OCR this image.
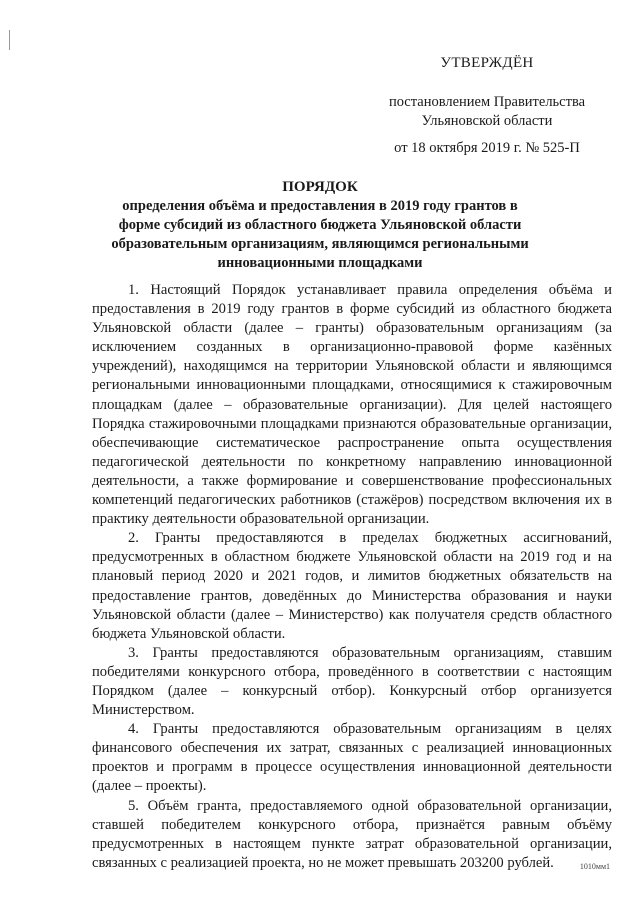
УТВЕРЖДЁН
постановлением Правительства
Ульяновской области
от 18 октября 2019 г. № 525-П
ПОРЯДОК
определения объёма и предоставления в 2019 году грантов в форме субсидий из областного бюджета Ульяновской области образовательным организациям, являющимся региональными инновационными площадками

1. Настоящий Порядок устанавливает правила определения объёма и предоставления в 2019 году грантов в форме субсидий из областного бюджета Ульяновской области (далее – гранты) образовательным организациям (за исключением созданных в организационно-правовой форме казённых учреждений), находящимся на территории Ульяновской области и являющимся региональными инновационными площадками, относящимися к стажировочным площадкам (далее – образовательные организации). Для целей настоящего Порядка стажировочными площадками признаются образовательные организации, обеспечивающие систематическое распространение опыта осуществления педагогической деятельности по конкретному направлению инновационной деятельности, а также формирование и совершенствование профессиональных компетенций педагогических работников (стажёров) посредством включения их в практику деятельности образовательной организации.

2. Гранты предоставляются в пределах бюджетных ассигнований, предусмотренных в областном бюджете Ульяновской области на 2019 год и на плановый период 2020 и 2021 годов, и лимитов бюджетных обязательств на предоставление грантов, доведённых до Министерства образования и науки Ульяновской области (далее – Министерство) как получателя средств областного бюджета Ульяновской области.

3. Гранты предоставляются образовательным организациям, ставшим победителями конкурсного отбора, проведённого в соответствии с настоящим Порядком (далее – конкурсный отбор). Конкурсный отбор организуется Министерством.

4. Гранты предоставляются образовательным организациям в целях финансового обеспечения их затрат, связанных с реализацией инновационных проектов и программ в процессе осуществления инновационной деятельности (далее – проекты).

5. Объём гранта, предоставляемого одной образовательной организации, ставшей победителем конкурсного отбора, признаётся равным объёму предусмотренных в настоящем пункте затрат образовательной организации, связанных с реализацией проекта, но не может превышать 203200 рублей.	1010мм1
